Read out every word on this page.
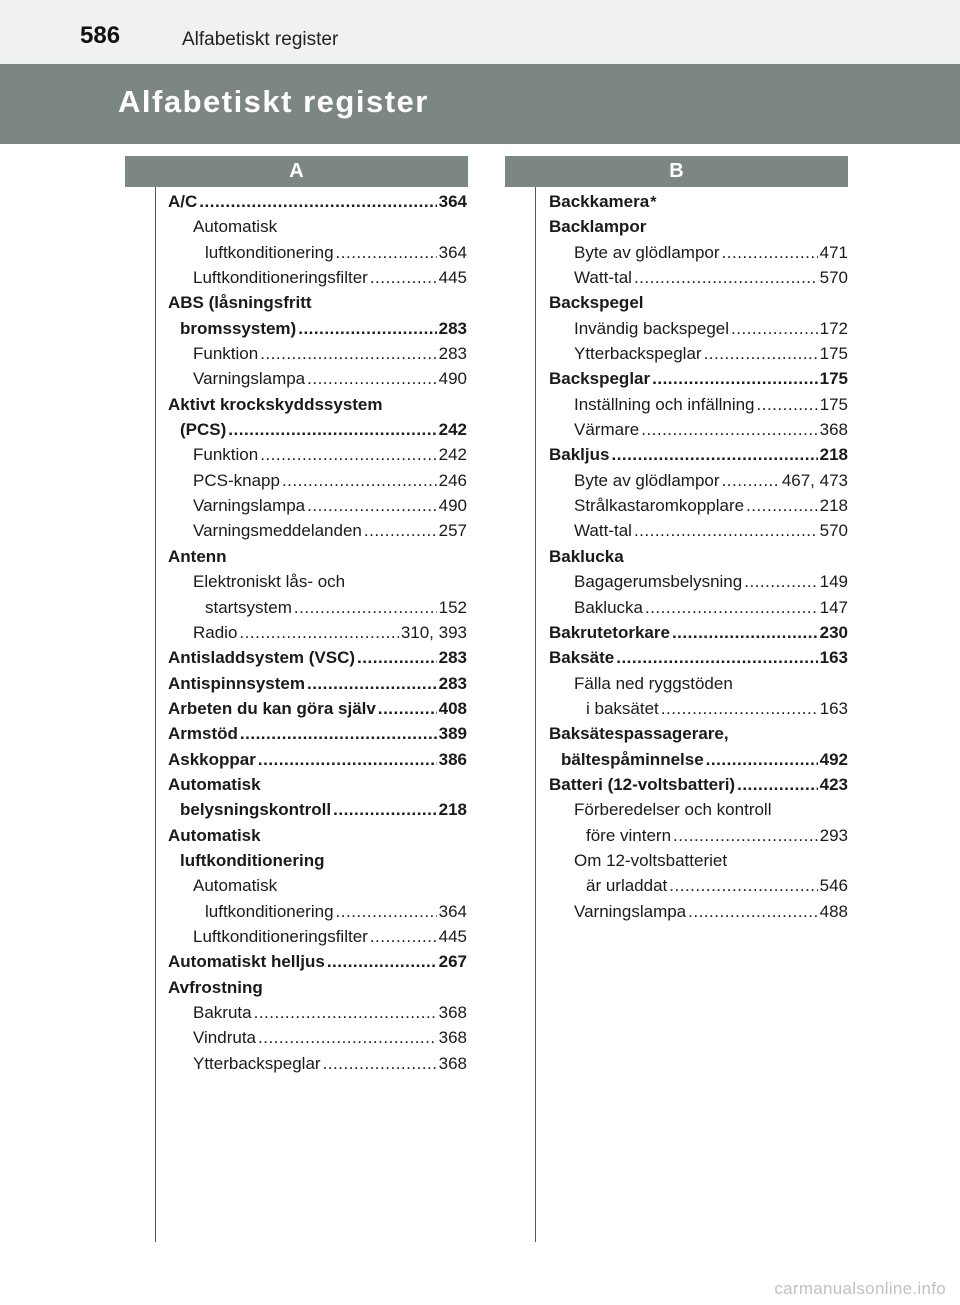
586	Alfabetiskt register
Alfabetiskt register
A	B
A/C .....	364
Automatisk
luftkonditionering .....	364
Luftkonditioneringsfilter .....	445
ABS (låsningsfritt
bromssystem) .....	283
Funktion .....	283
Varningslampa .....	490
Aktivt krockskyddssystem
(PCS) .....	242
Funktion .....	242
PCS-knapp .....	246
Varningslampa .....	490
Varningsmeddelanden .....	257
Antenn
Elektroniskt lås- och
startsystem .....	152
Radio .....	310, 393
Antisladdsystem (VSC) .....	283
Antispinnsystem .....	283
Arbeten du kan göra själv .....	408
Armstöd .....	389
Askkoppar .....	386
Automatisk
belysningskontroll .....	218
Automatisk
luftkonditionering
Automatisk
luftkonditionering .....	364
Luftkonditioneringsfilter .....	445
Automatiskt helljus .....	267
Avfrostning
Bakruta .....	368
Vindruta .....	368
Ytterbackspeglar .....	368
Backkamera *
Backlampor
Byte av glödlampor .....	471
Watt-tal .....	570
Backspegel
Invändig backspegel .....	172
Ytterbackspeglar .....	175
Backspeglar .....	175
Inställning och infällning .....	175
Värmare .....	368
Bakljus .....	218
Byte av glödlampor .....	467, 473
Strålkastaromkopplare .....	218
Watt-tal .....	570
Baklucka
Bagagerumsbelysning .....	149
Baklucka .....	147
Bakrutetorkare .....	230
Baksäte .....	163
Fälla ned ryggstöden
i baksätet .....	163
Baksätespassagerare,
bältespåminnelse .....	492
Batteri (12-voltsbatteri) .....	423
Förberedelser och kontroll
före vintern .....	293
Om 12-voltsbatteriet
är urladdat .....	546
Varningslampa .....	488
carmanualsonline.info
